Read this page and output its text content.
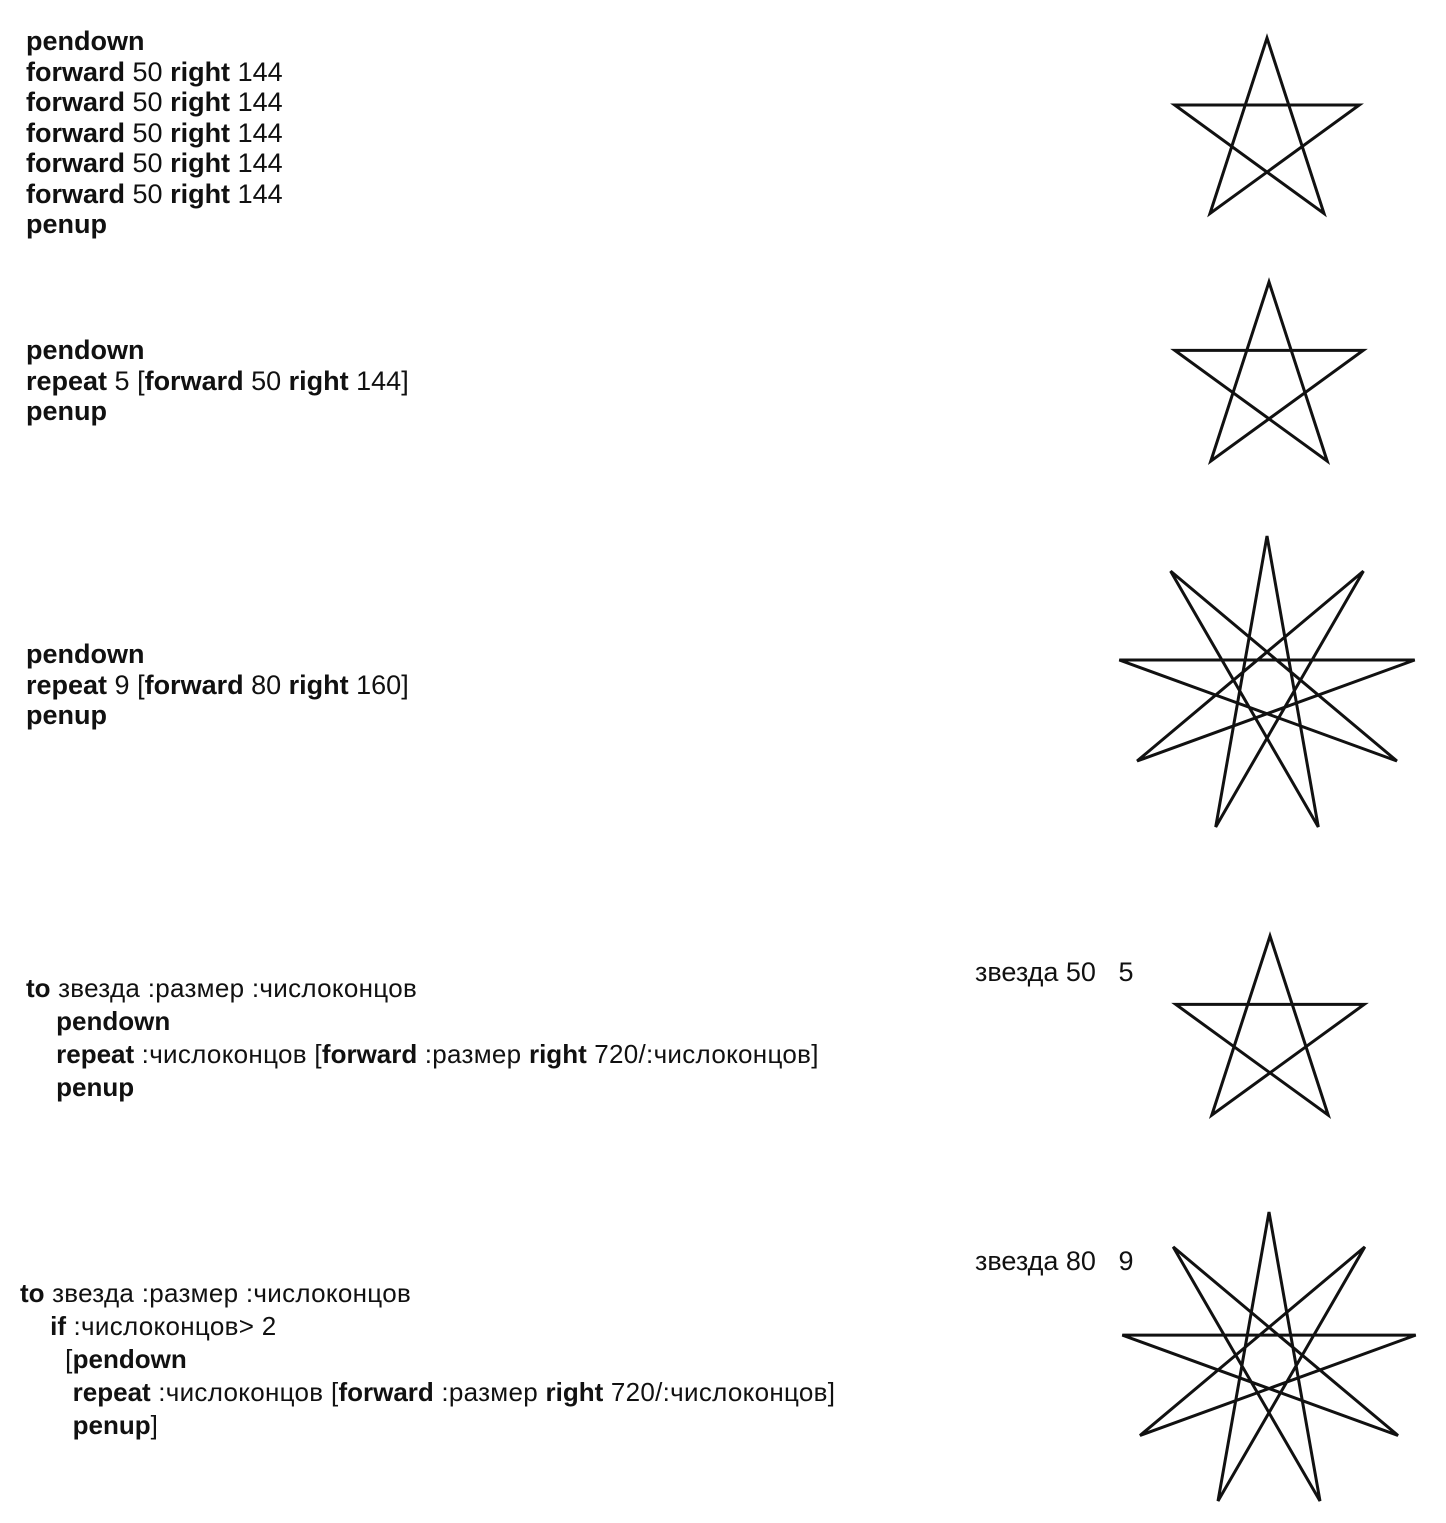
pendown
forward 50 right 144
forward 50 right 144
forward 50 right 144
forward 50 right 144
forward 50 right 144
penup
pendown
repeat 5 [forward 50 right 144]
penup
pendown
repeat 9 [forward 80 right 160]
penup
to звезда :размер :числоконцов
pendown
repeat :числоконцов [forward :размер right 720/:числоконцов]
penup
звезда 50   5
to звезда :размер :числоконцов
if :числоконцов> 2
[pendown
repeat :числоконцов [forward :размер right 720/:числоконцов]
penup]
звезда 80   9
